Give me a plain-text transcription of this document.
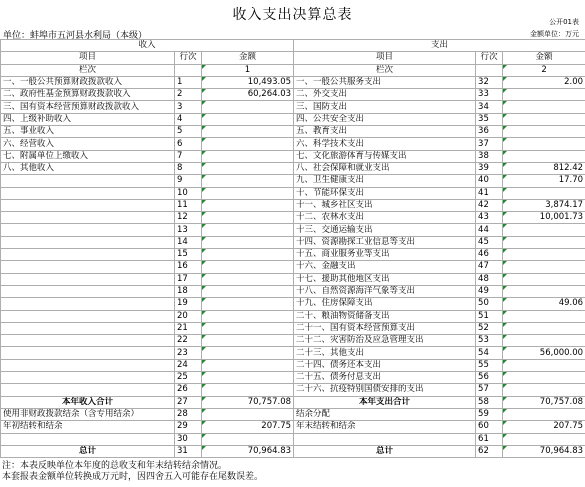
收入支出决算总表	公开01表
金额单位：万元
单位：蚌埠市五河县水利局（本级）
收入			支出		
项目	行次	金额	项目	行次	金额
栏次		1	栏次		2
一、一般公共预算财政拨款收入	1	10,493.05	一、一般公共服务支出	32	2.00
二、政府性基金预算财政拨款收入	2	60,264.03	二、外交支出	33	
三、国有资本经营预算财政拨款收入	3		三、国防支出	34	
四、上级补助收入	4		四、公共安全支出	35	
五、事业收入	5		五、教育支出	36	
六、经营收入	6		六、科学技术支出	37	
七、附属单位上缴收入	7		七、文化旅游体育与传媒支出	38	
八、其他收入	8		八、社会保障和就业支出	39	812.42
	9		九、卫生健康支出	40	17.70
	10		十、节能环保支出	41	
	11		十一、城乡社区支出	42	3,874.17
	12		十二、农林水支出	43	10,001.73
	13		十三、交通运输支出	44	
	14		十四、资源勘探工业信息等支出	45	
	15		十五、商业服务业等支出	46	
	16		十六、金融支出	47	
	17		十七、援助其他地区支出	48	
	18		十八、自然资源海洋气象等支出	49	
	19		十九、住房保障支出	50	49.06
	20		二十、粮油物资储备支出	51	
	21		二十一、国有资本经营预算支出	52	
	22		二十二、灾害防治及应急管理支出	53	
	23		二十三、其他支出	54	56,000.00
	24		二十四、债务还本支出	55	
	25		二十五、债务付息支出	56	
	26		二十六、抗疫特别国债安排的支出	57	
本年收入合计	27	70,757.08	本年支出合计	58	70,757.08
使用非财政拨款结余（含专用结余）	28		结余分配	59	
年初结转和结余	29	207.75	年末结转和结余	60	207.75
	30			61	
总计	31	70,964.83	总计	62	70,964.83
注：本表反映单位本年度的总收支和年末结转结余情况。
本套报表金额单位转换成万元时，因四舍五入可能存在尾数误差。
